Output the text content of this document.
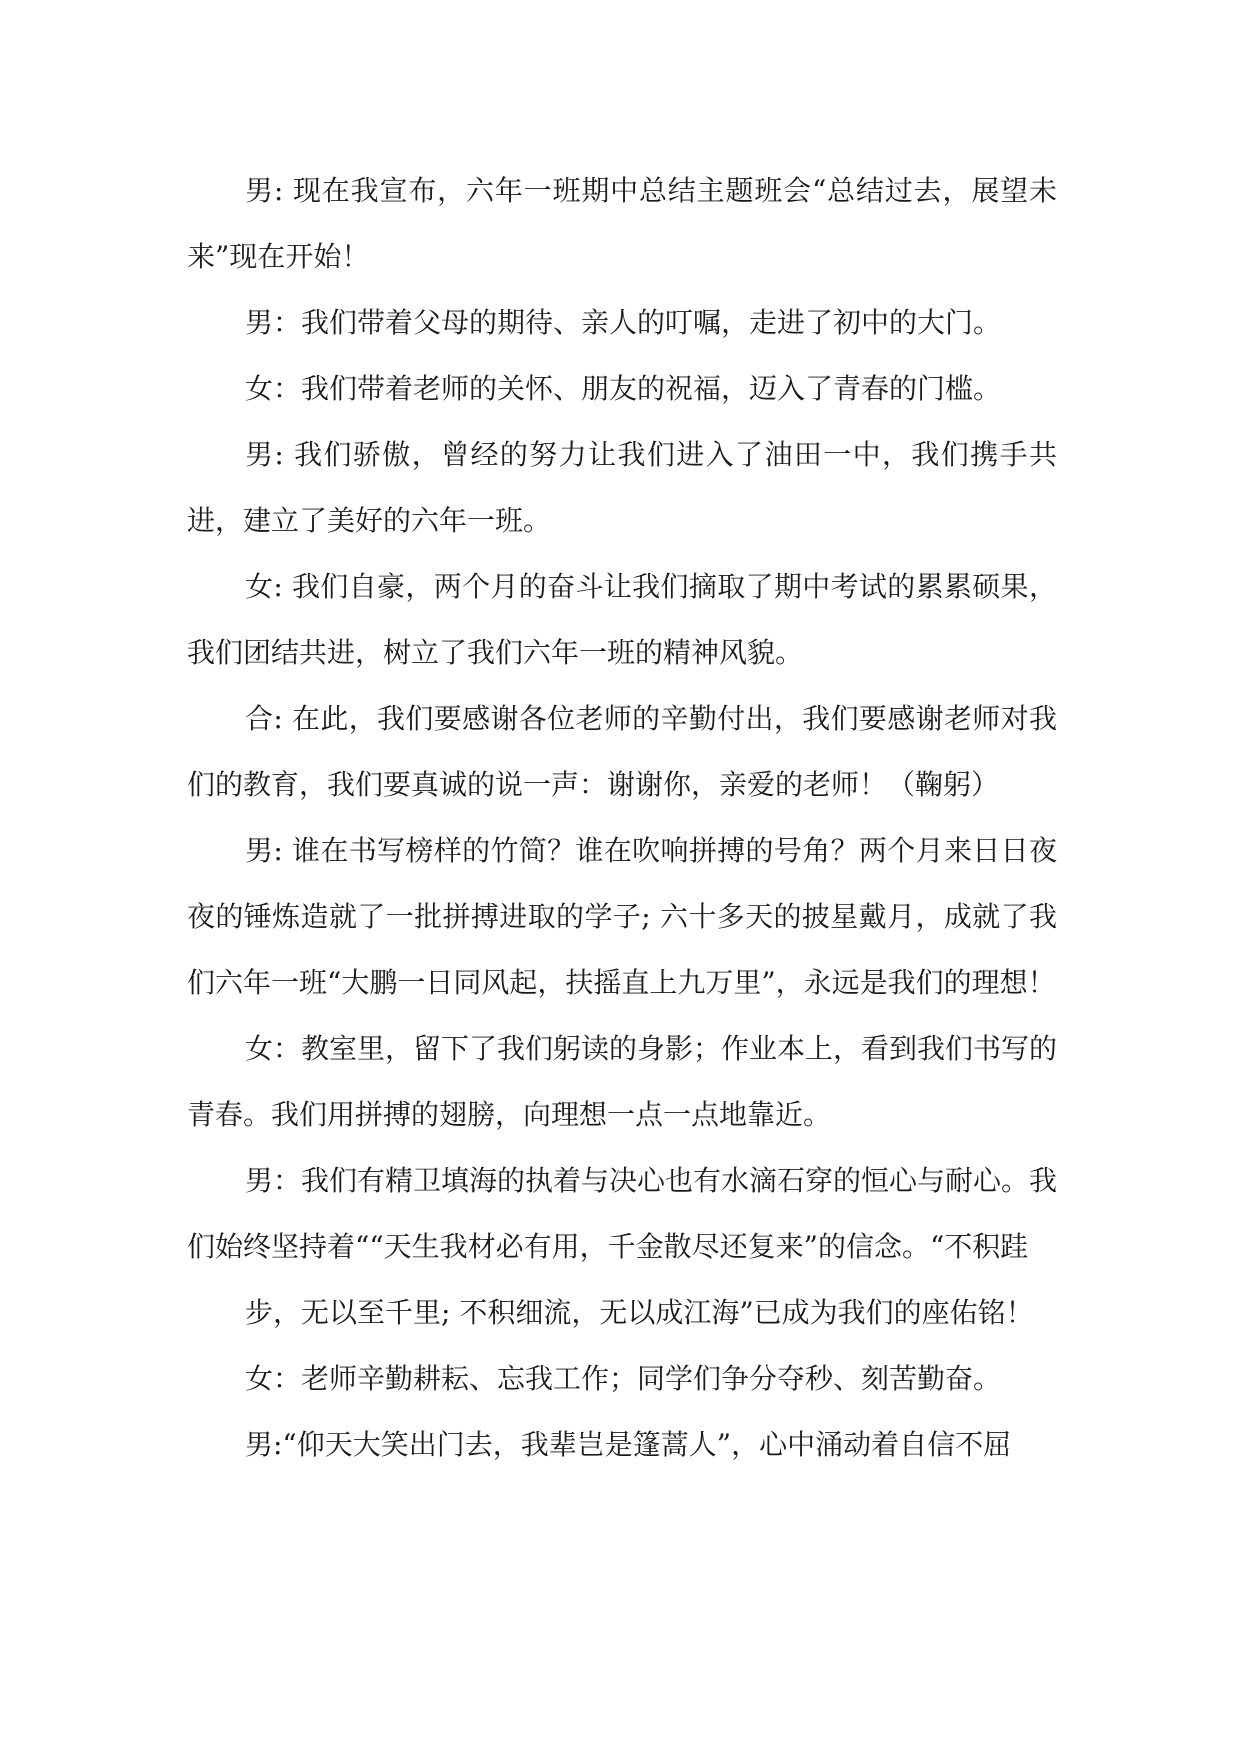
男: 现在我宣布，六年一班期中总结主题班会“总结过去，展望未来”现在开始！

男：我们带着父母的期待、亲人的叮嘱，走进了初中的大门。

女：我们带着老师的关怀、朋友的祝福，迈入了青春的门槛。

男: 我们骄傲，曾经的努力让我们进入了油田一中，我们携手共进，建立了美好的六年一班。

女: 我们自豪，两个月的奋斗让我们摘取了期中考试的累累硕果，我们团结共进，树立了我们六年一班的精神风貌。

合: 在此，我们要感谢各位老师的辛勤付出，我们要感谢老师对我们的教育，我们要真诚的说一声：谢谢你，亲爱的老师！（鞠躬）

男: 谁在书写榜样的竹简？谁在吹响拼搏的号角？两个月来日日夜夜的锤炼造就了一批拼搏进取的学子; 六十多天的披星戴月，成就了我们六年一班“大鹏一日同风起，扶摇直上九万里”，永远是我们的理想！

女：教室里，留下了我们躬读的身影；作业本上，看到我们书写的青春。我们用拼搏的翅膀，向理想一点一点地靠近。

男：我们有精卫填海的执着与决心也有水滴石穿的恒心与耐心。我们始终坚持着““天生我材必有用，千金散尽还复来”的信念。“不积跬

步，无以至千里; 不积细流，无以成江海”已成为我们的座佑铭！

女：老师辛勤耕耘、忘我工作；同学们争分夺秒、刻苦勤奋。

男:“仰天大笑出门去，我辈岂是篷蒿人”，心中涌动着自信不屈
